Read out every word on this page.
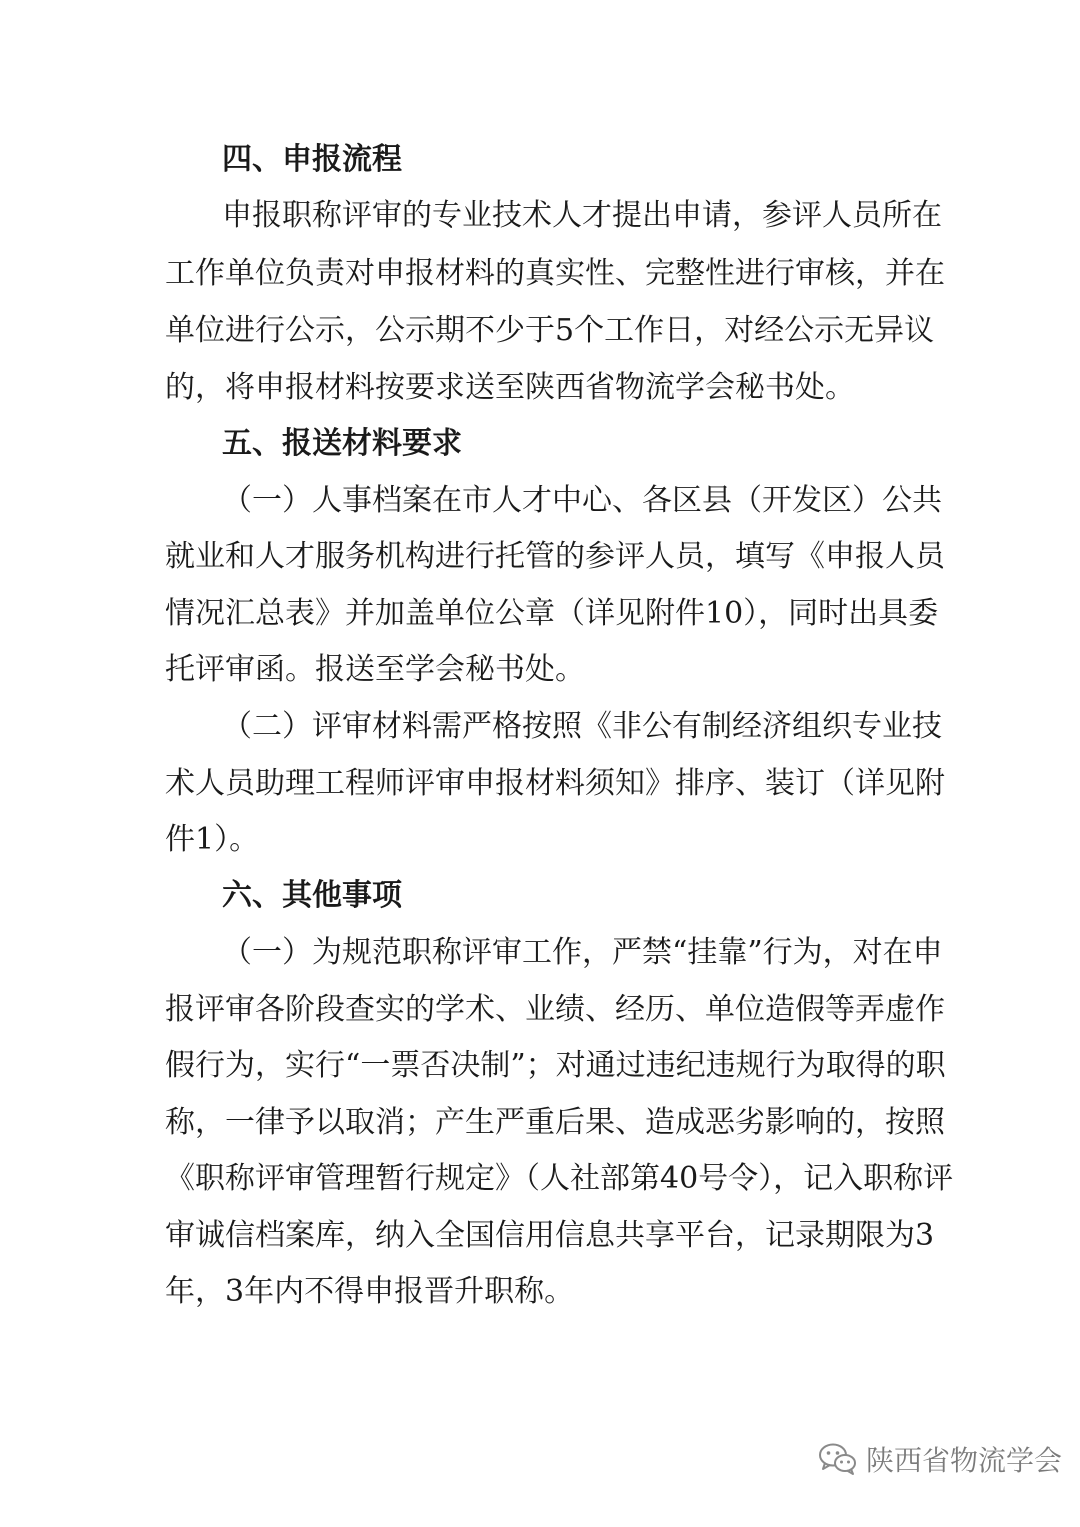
四、申报流程
申报职称评审的专业技术人才提出申请，参评人员所在
工作单位负责对申报材料的真实性、完整性进行审核，并在
单位进行公示，公示期不少于5个工作日，对经公示无异议
的，将申报材料按要求送至陕西省物流学会秘书处。
五、报送材料要求
（一）人事档案在市人才中心、各区县（开发区）公共
就业和人才服务机构进行托管的参评人员，填写《申报人员
情况汇总表》并加盖单位公章（详见附件10），同时出具委
托评审函。报送至学会秘书处。
（二）评审材料需严格按照《非公有制经济组织专业技
术人员助理工程师评审申报材料须知》排序、装订（详见附
件1）。
六、其他事项
（一）为规范职称评审工作，严禁“挂靠”行为，对在申
报评审各阶段查实的学术、业绩、经历、单位造假等弄虚作
假行为，实行“一票否决制”；对通过违纪违规行为取得的职
称，一律予以取消；产生严重后果、造成恶劣影响的，按照
《职称评审管理暂行规定》（人社部第40号令），记入职称评
审诚信档案库，纳入全国信用信息共享平台，记录期限为3
年，3年内不得申报晋升职称。
陕西省物流学会
